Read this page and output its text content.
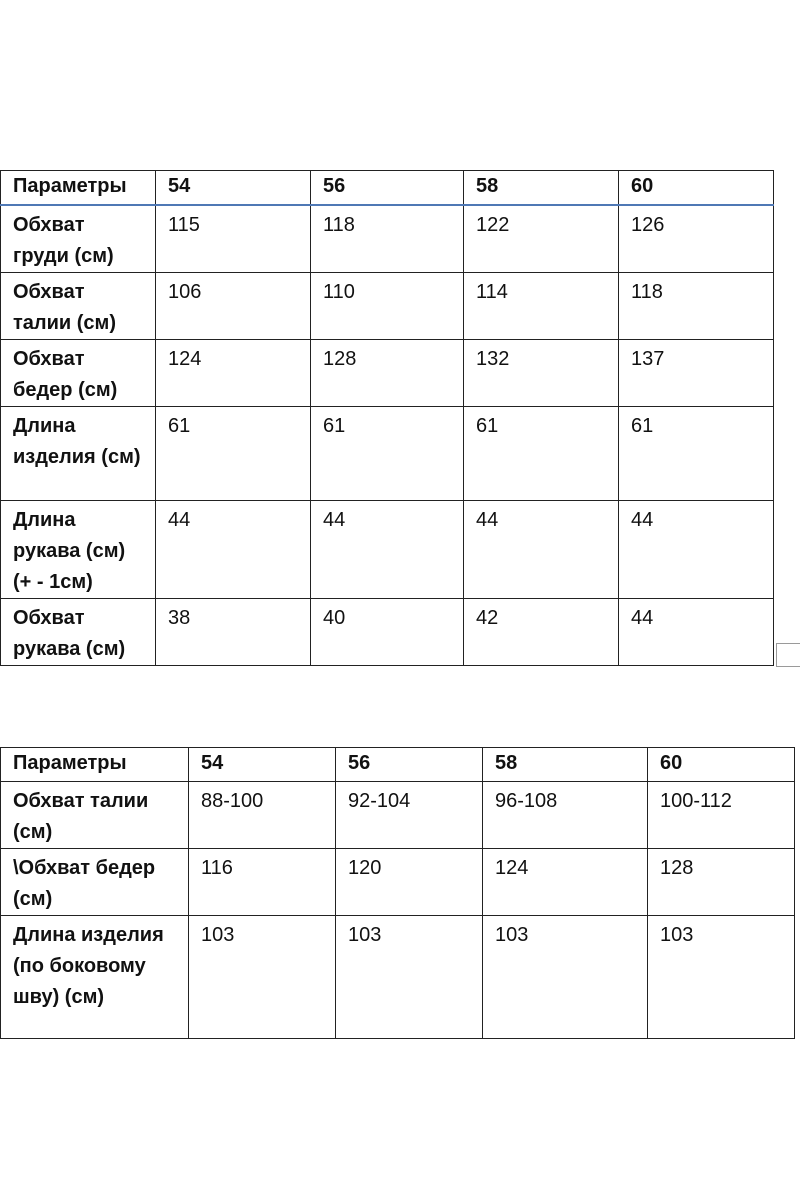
Параметры	54	56	58	60
Обхват груди (см)	115	118	122	126
Обхват талии (см)	106	110	114	118
Обхват бедер (см)	124	128	132	137
Длина изделия (см)	61	61	61	61
Длина рукава (см) (+ - 1см)	44	44	44	44
Обхват рукава (см)	38	40	42	44
Параметры	54	56	58	60
Обхват талии (см)	88-100	92-104	96-108	100-112
\Обхват бедер (см)	116	120	124	128
Длина изделия (по боковому шву) (см)	103	103	103	103
